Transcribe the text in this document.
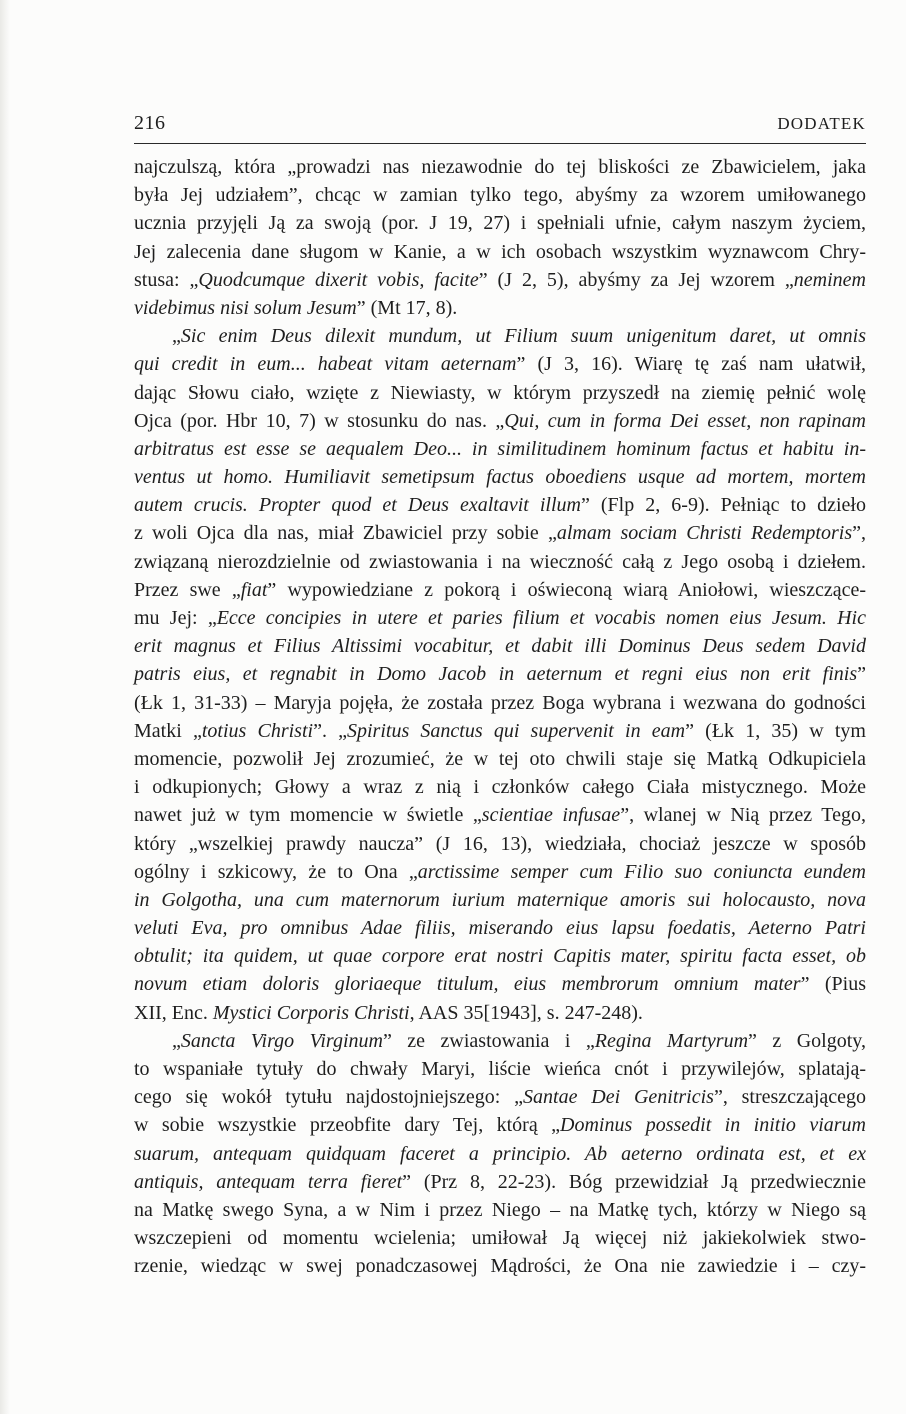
216	DODATEK
najczulszą, która „prowadzi nas niezawodnie do tej bliskości ze Zbawicielem, jaka
była Jej udziałem”, chcąc w zamian tylko tego, abyśmy za wzorem umiłowanego
ucznia przyjęli Ją za swoją (por. J 19, 27) i spełniali ufnie, całym naszym życiem,
Jej zalecenia dane sługom w Kanie, a w ich osobach wszystkim wyznawcom Chry-
stusa: „Quodcumque dixerit vobis, facite” (J 2, 5), abyśmy za Jej wzorem „neminem
videbimus nisi solum Jesum” (Mt 17, 8).
„Sic enim Deus dilexit mundum, ut Filium suum unigenitum daret, ut omnis
qui credit in eum... habeat vitam aeternam” (J 3, 16). Wiarę tę zaś nam ułatwił,
dając Słowu ciało, wzięte z Niewiasty, w którym przyszedł na ziemię pełnić wolę
Ojca (por. Hbr 10, 7) w stosunku do nas. „Qui, cum in forma Dei esset, non rapinam
arbitratus est esse se aequalem Deo... in similitudinem hominum factus et habitu in-
ventus ut homo. Humiliavit semetipsum factus oboediens usque ad mortem, mortem
autem crucis. Propter quod et Deus exaltavit illum” (Flp 2, 6-9). Pełniąc to dzieło
z woli Ojca dla nas, miał Zbawiciel przy sobie „almam sociam Christi Redemptoris”,
związaną nierozdzielnie od zwiastowania i na wieczność całą z Jego osobą i dziełem.
Przez swe „fiat” wypowiedziane z pokorą i oświeconą wiarą Aniołowi, wieszczące-
mu Jej: „Ecce concipies in utere et paries filium et vocabis nomen eius Jesum. Hic
erit magnus et Filius Altissimi vocabitur, et dabit illi Dominus Deus sedem David
patris eius, et regnabit in Domo Jacob in aeternum et regni eius non erit finis”
(Łk 1, 31-33) – Maryja pojęła, że została przez Boga wybrana i wezwana do godności
Matki „totius Christi”. „Spiritus Sanctus qui supervenit in eam” (Łk 1, 35) w tym
momencie, pozwolił Jej zrozumieć, że w tej oto chwili staje się Matką Odkupiciela
i odkupionych; Głowy a wraz z nią i członków całego Ciała mistycznego. Może
nawet już w tym momencie w świetle „scientiae infusae”, wlanej w Nią przez Tego,
który „wszelkiej prawdy naucza” (J 16, 13), wiedziała, chociaż jeszcze w sposób
ogólny i szkicowy, że to Ona „arctissime semper cum Filio suo coniuncta eundem
in Golgotha, una cum maternorum iurium maternique amoris sui holocausto, nova
veluti Eva, pro omnibus Adae filiis, miserando eius lapsu foedatis, Aeterno Patri
obtulit; ita quidem, ut quae corpore erat nostri Capitis mater, spiritu facta esset, ob
novum etiam doloris gloriaeque titulum, eius membrorum omnium mater” (Pius
XII, Enc. Mystici Corporis Christi, AAS 35[1943], s. 247-248).
„Sancta Virgo Virginum” ze zwiastowania i „Regina Martyrum” z Golgoty,
to wspaniałe tytuły do chwały Maryi, liście wieńca cnót i przywilejów, splatają-
cego się wokół tytułu najdostojniejszego: „Santae Dei Genitricis”, streszczającego
w sobie wszystkie przeobfite dary Tej, którą „Dominus possedit in initio viarum
suarum, antequam quidquam faceret a principio. Ab aeterno ordinata est, et ex
antiquis, antequam terra fieret” (Prz 8, 22-23). Bóg przewidział Ją przedwiecznie
na Matkę swego Syna, a w Nim i przez Niego – na Matkę tych, którzy w Niego są
wszczepieni od momentu wcielenia; umiłował Ją więcej niż jakiekolwiek stwo-
rzenie, wiedząc w swej ponadczasowej Mądrości, że Ona nie zawiedzie i – czy-
